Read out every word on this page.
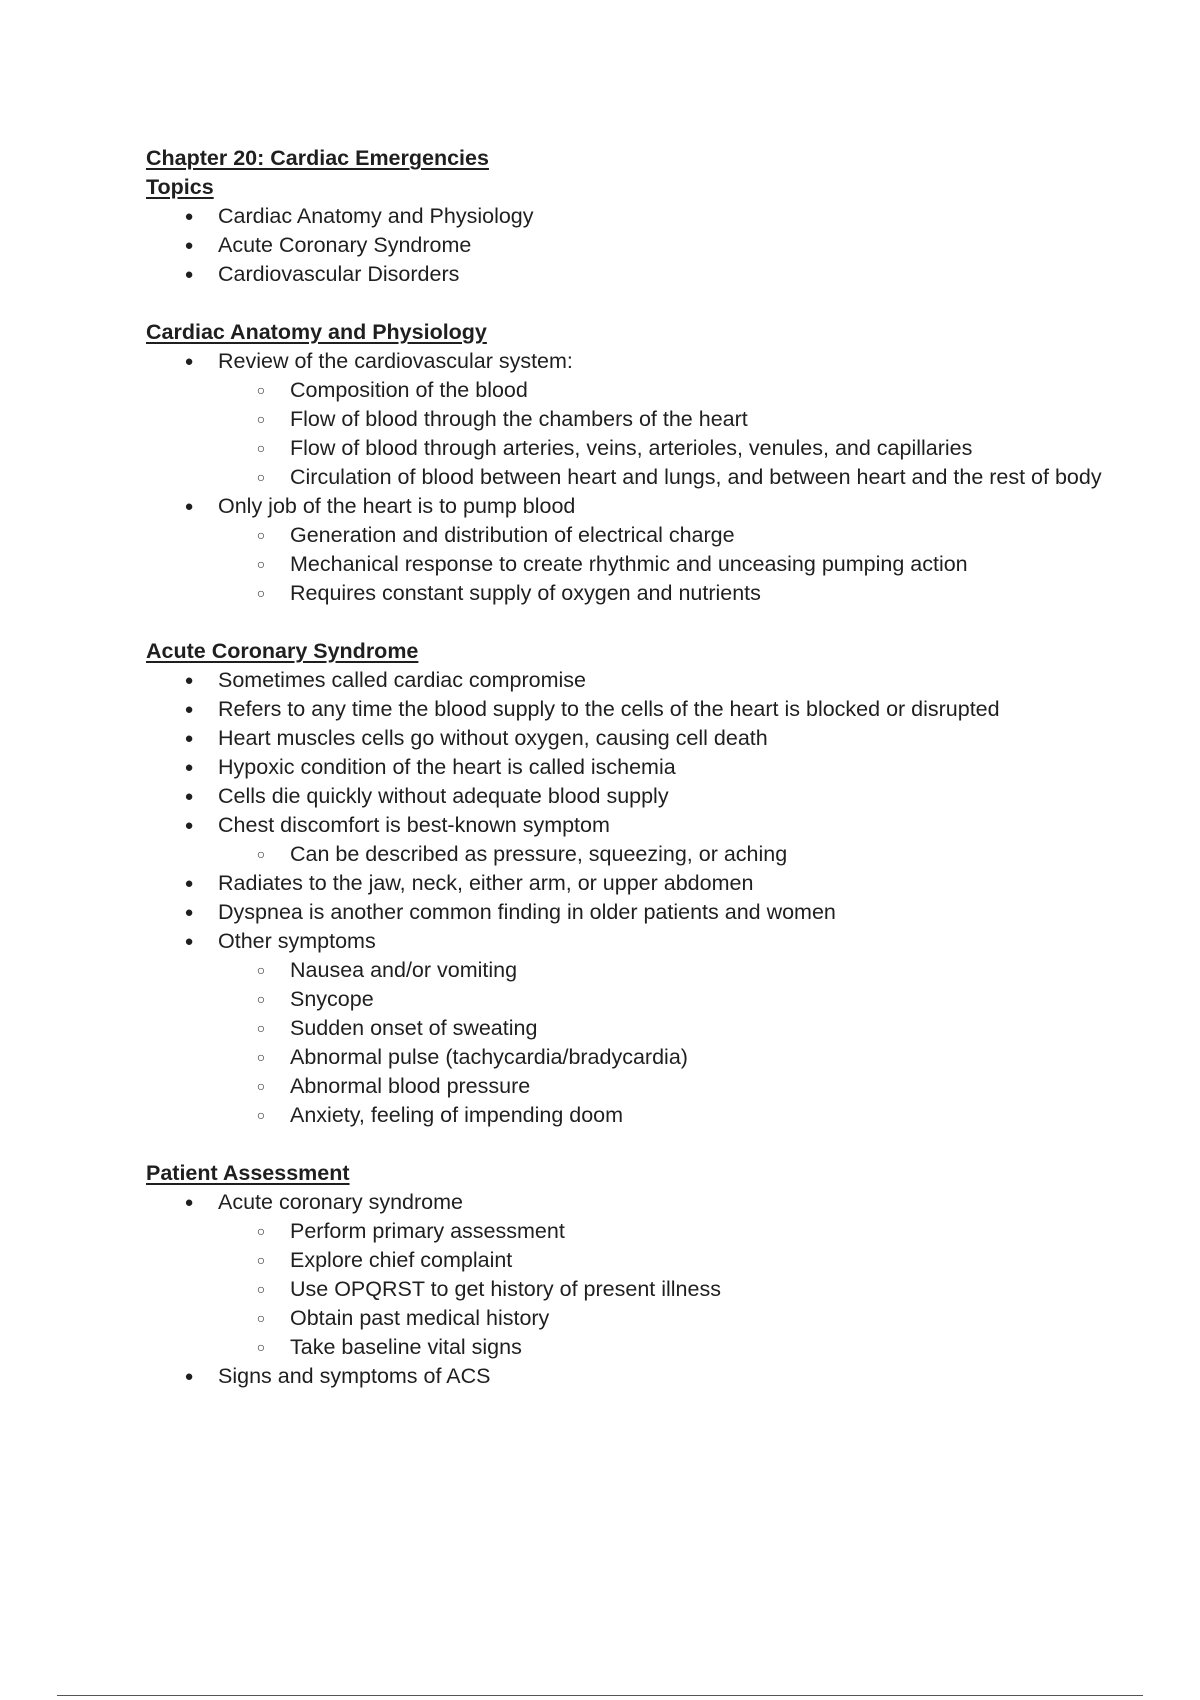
Chapter 20: Cardiac Emergencies

Topics

● Cardiac Anatomy and Physiology
● Acute Coronary Syndrome
● Cardiovascular Disorders

Cardiac Anatomy and Physiology

● Review of the cardiovascular system:
○ Composition of the blood
○ Flow of blood through the chambers of the heart
○ Flow of blood through arteries, veins, arterioles, venules, and capillaries
○ Circulation of blood between heart and lungs, and between heart and the rest of body
● Only job of the heart is to pump blood
○ Generation and distribution of electrical charge
○ Mechanical response to create rhythmic and unceasing pumping action
○ Requires constant supply of oxygen and nutrients

Acute Coronary Syndrome

● Sometimes called cardiac compromise
● Refers to any time the blood supply to the cells of the heart is blocked or disrupted
● Heart muscles cells go without oxygen, causing cell death
● Hypoxic condition of the heart is called ischemia
● Cells die quickly without adequate blood supply
● Chest discomfort is best-known symptom
○ Can be described as pressure, squeezing, or aching
● Radiates to the jaw, neck, either arm, or upper abdomen
● Dyspnea is another common finding in older patients and women
● Other symptoms
○ Nausea and/or vomiting
○ Snycope
○ Sudden onset of sweating
○ Abnormal pulse (tachycardia/bradycardia)
○ Abnormal blood pressure
○ Anxiety, feeling of impending doom

Patient Assessment

● Acute coronary syndrome
○ Perform primary assessment
○ Explore chief complaint
○ Use OPQRST to get history of present illness
○ Obtain past medical history
○ Take baseline vital signs
● Signs and symptoms of ACS
